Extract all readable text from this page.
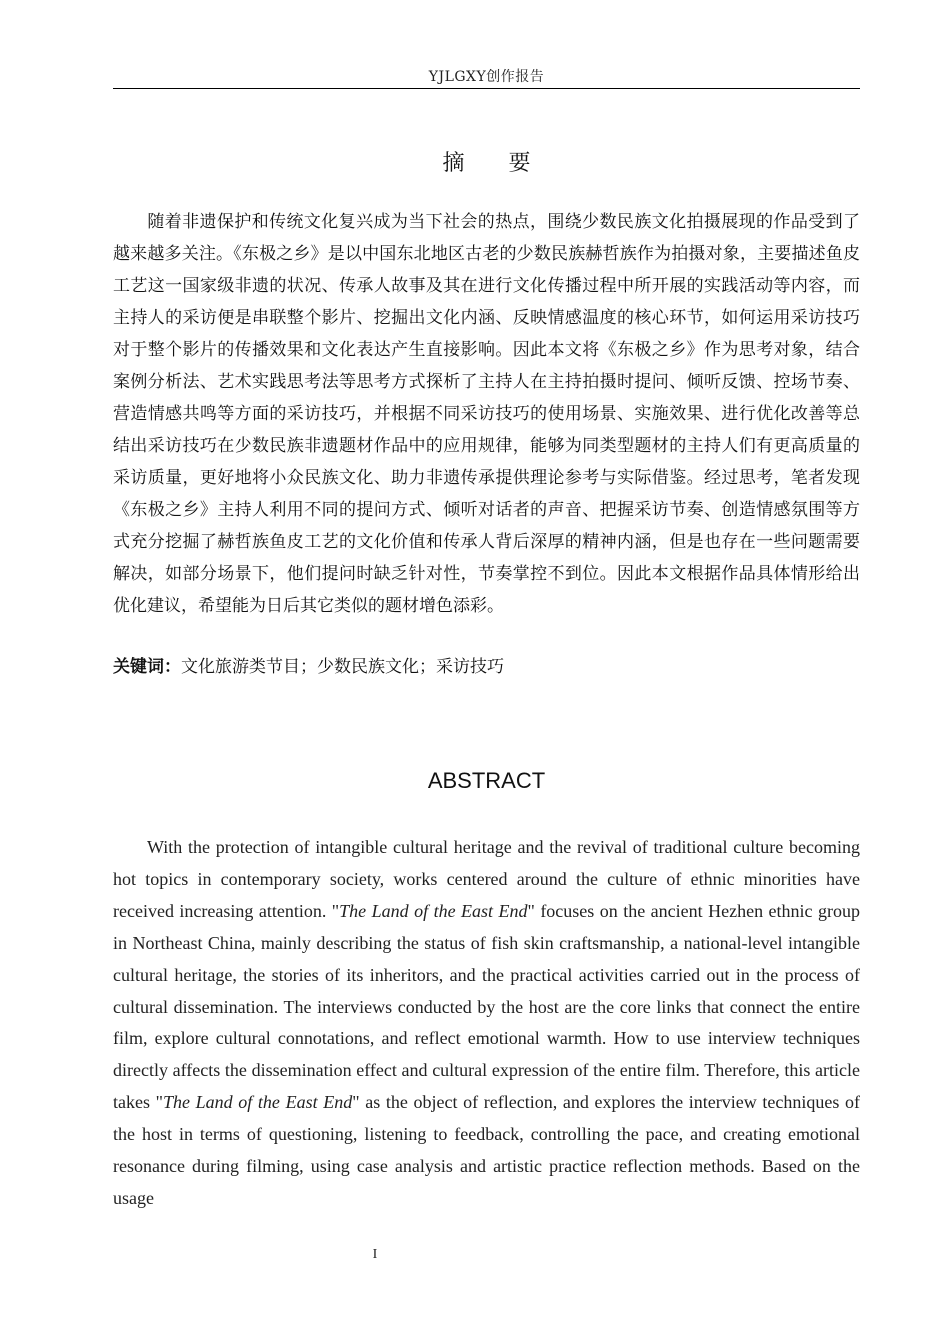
YJLGXY创作报告
摘 要

随着非遗保护和传统文化复兴成为当下社会的热点，围绕少数民族文化拍摄展现的作品受到了越来越多关注。《东极之乡》是以中国东北地区古老的少数民族赫哲族作为拍摄对象，主要描述鱼皮工艺这一国家级非遗的状况、传承人故事及其在进行文化传播过程中所开展的实践活动等内容，而主持人的采访便是串联整个影片、挖掘出文化内涵、反映情感温度的核心环节，如何运用采访技巧对于整个影片的传播效果和文化表达产生直接影响。因此本文将《东极之乡》作为思考对象，结合案例分析法、艺术实践思考法等思考方式探析了主持人在主持拍摄时提问、倾听反馈、控场节奏、营造情感共鸣等方面的采访技巧，并根据不同采访技巧的使用场景、实施效果、进行优化改善等总结出采访技巧在少数民族非遗题材作品中的应用规律，能够为同类型题材的主持人们有更高质量的采访质量，更好地将小众民族文化、助力非遗传承提供理论参考与实际借鉴。经过思考，笔者发现《东极之乡》主持人利用不同的提问方式、倾听对话者的声音、把握采访节奏、创造情感氛围等方式充分挖掘了赫哲族鱼皮工艺的文化价值和传承人背后深厚的精神内涵，但是也存在一些问题需要解决，如部分场景下，他们提问时缺乏针对性，节奏掌控不到位。因此本文根据作品具体情形给出优化建议，希望能为日后其它类似的题材增色添彩。

关键词：文化旅游类节目；少数民族文化；采访技巧
ABSTRACT

With the protection of intangible cultural heritage and the revival of traditional culture becoming hot topics in contemporary society, works centered around the culture of ethnic minorities have received increasing attention. "The Land of the East End" focuses on the ancient Hezhen ethnic group in Northeast China, mainly describing the status of fish skin craftsmanship, a national-level intangible cultural heritage, the stories of its inheritors, and the practical activities carried out in the process of cultural dissemination. The interviews conducted by the host are the core links that connect the entire film, explore cultural connotations, and reflect emotional warmth. How to use interview techniques directly affects the dissemination effect and cultural expression of the entire film. Therefore, this article takes "The Land of the East End" as the object of reflection, and explores the interview techniques of the host in terms of questioning, listening to feedback, controlling the pace, and creating emotional resonance during filming, using case analysis and artistic practice reflection methods. Based on the usage

I
